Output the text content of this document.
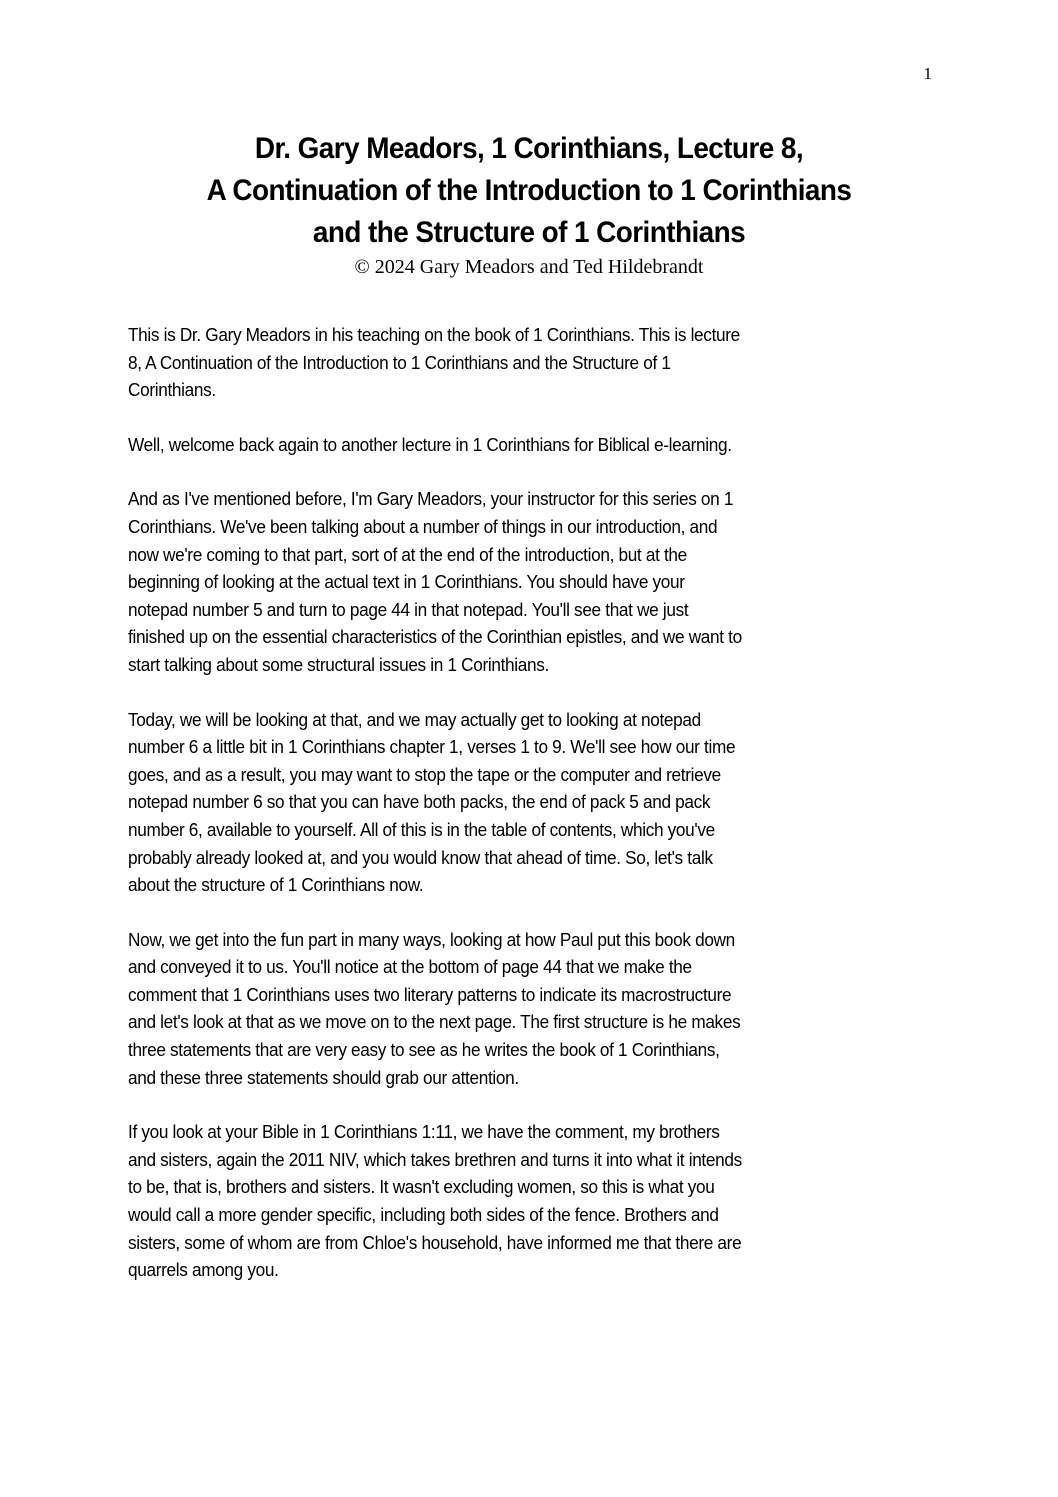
1
Dr. Gary Meadors, 1 Corinthians, Lecture 8,
A Continuation of the Introduction to 1 Corinthians
and the Structure of 1 Corinthians
© 2024 Gary Meadors and Ted Hildebrandt

This is Dr. Gary Meadors in his teaching on the book of 1 Corinthians. This is lecture
8, A Continuation of the Introduction to 1 Corinthians and the Structure of 1
Corinthians.

Well, welcome back again to another lecture in 1 Corinthians for Biblical e-learning.

And as I've mentioned before, I'm Gary Meadors, your instructor for this series on 1
Corinthians. We've been talking about a number of things in our introduction, and
now we're coming to that part, sort of at the end of the introduction, but at the
beginning of looking at the actual text in 1 Corinthians. You should have your
notepad number 5 and turn to page 44 in that notepad. You'll see that we just
finished up on the essential characteristics of the Corinthian epistles, and we want to
start talking about some structural issues in 1 Corinthians.

Today, we will be looking at that, and we may actually get to looking at notepad
number 6 a little bit in 1 Corinthians chapter 1, verses 1 to 9. We'll see how our time
goes, and as a result, you may want to stop the tape or the computer and retrieve
notepad number 6 so that you can have both packs, the end of pack 5 and pack
number 6, available to yourself. All of this is in the table of contents, which you've
probably already looked at, and you would know that ahead of time. So, let's talk
about the structure of 1 Corinthians now.

Now, we get into the fun part in many ways, looking at how Paul put this book down
and conveyed it to us. You'll notice at the bottom of page 44 that we make the
comment that 1 Corinthians uses two literary patterns to indicate its macrostructure
and let's look at that as we move on to the next page. The first structure is he makes
three statements that are very easy to see as he writes the book of 1 Corinthians,
and these three statements should grab our attention.

If you look at your Bible in 1 Corinthians 1:11, we have the comment, my brothers
and sisters, again the 2011 NIV, which takes brethren and turns it into what it intends
to be, that is, brothers and sisters. It wasn't excluding women, so this is what you
would call a more gender specific, including both sides of the fence. Brothers and
sisters, some of whom are from Chloe's household, have informed me that there are
quarrels among you.
